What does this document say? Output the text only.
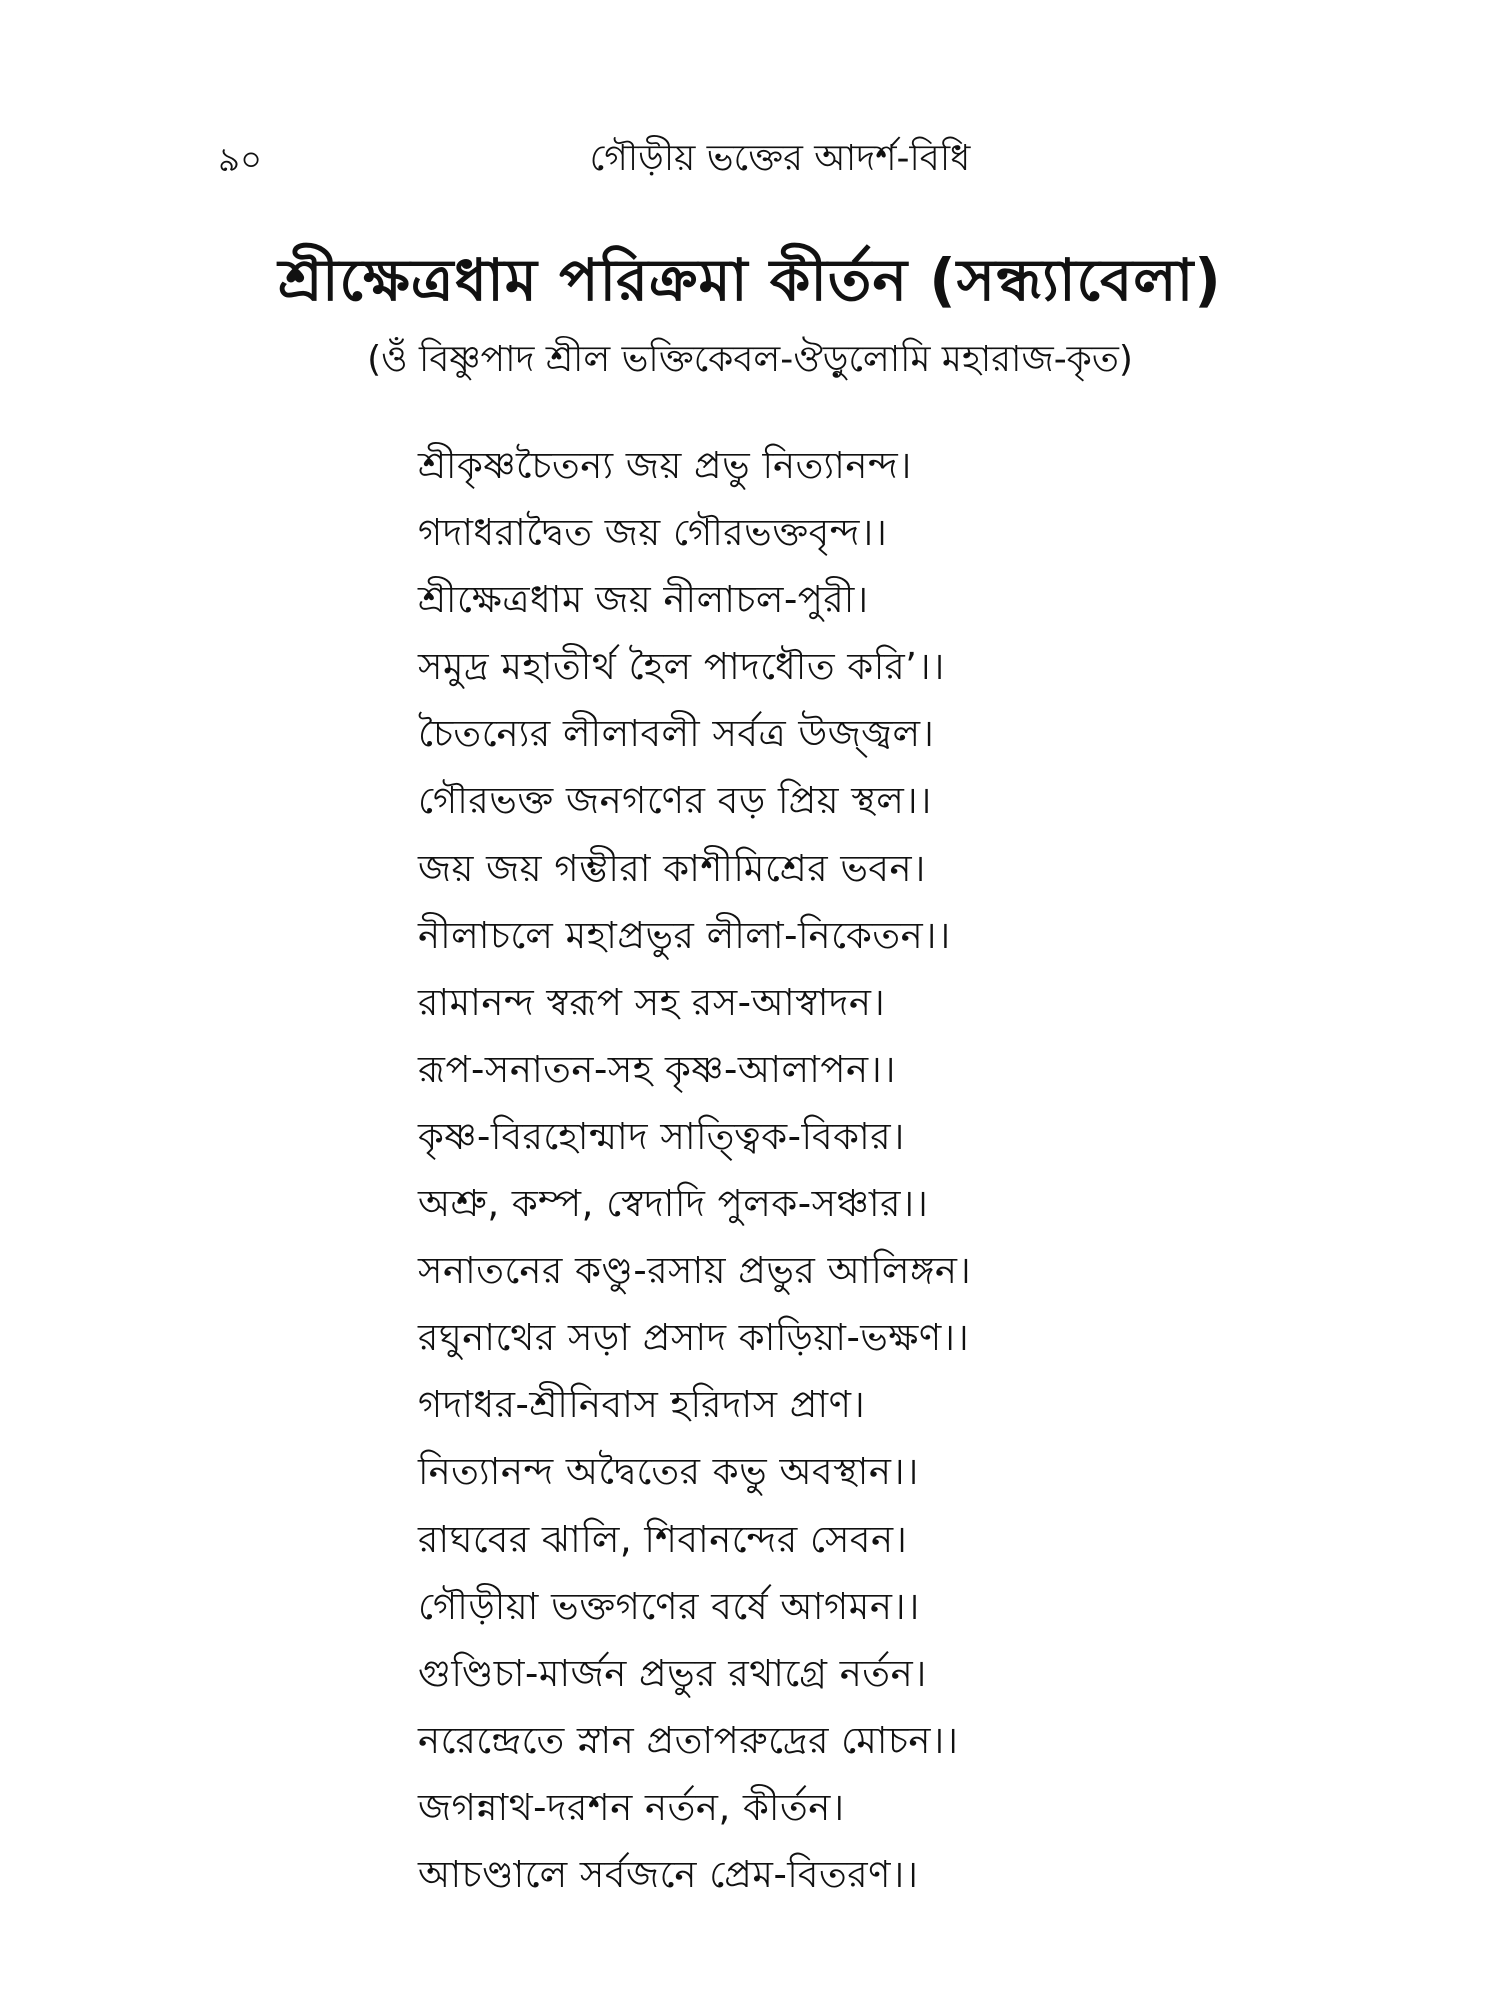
৯০	গৌড়ীয় ভক্তের আদর্শ-বিধি
শ্রীক্ষেত্রধাম পরিক্রমা কীর্তন (সন্ধ্যাবেলা)
(ওঁ বিষ্ণুপাদ শ্রীল ভক্তিকেবল-ঔড়ুলোমি মহারাজ-কৃত)
শ্রীকৃষ্ণচৈতন্য জয় প্রভু নিত্যানন্দ।
গদাধরাদ্বৈত জয় গৌরভক্তবৃন্দ।।
শ্রীক্ষেত্রধাম জয় নীলাচল-পুরী।
সমুদ্র মহাতীর্থ হৈল পাদধৌত করি’।।
চৈতন্যের লীলাবলী সর্বত্র উজ্জ্বল।
গৌরভক্ত জনগণের বড় প্রিয় স্থল।।
জয় জয় গম্ভীরা কাশীমিশ্রের ভবন।
নীলাচলে মহাপ্রভুর লীলা-নিকেতন।।
রামানন্দ স্বরূপ সহ রস-আস্বাদন।
রূপ-সনাতন-সহ কৃষ্ণ-আলাপন।।
কৃষ্ণ-বিরহোন্মাদ সাত্ত্বিক-বিকার।
অশ্রু, কম্প, স্বেদাদি পুলক-সঞ্চার।।
সনাতনের কণ্ডু-রসায় প্রভুর আলিঙ্গন।
রঘুনাথের সড়া প্রসাদ কাড়িয়া-ভক্ষণ।।
গদাধর-শ্রীনিবাস হরিদাস প্রাণ।
নিত্যানন্দ অদ্বৈতের কভু অবস্থান।।
রাঘবের ঝালি, শিবানন্দের সেবন।
গৌড়ীয়া ভক্তগণের বর্ষে আগমন।।
গুণ্ডিচা-মার্জন প্রভুর রথাগ্রে নর্তন।
নরেন্দ্রেতে স্নান প্রতাপরুদ্রের মোচন।।
জগন্নাথ-দরশন নর্তন, কীর্তন।
আচণ্ডালে সর্বজনে প্রেম-বিতরণ।।
